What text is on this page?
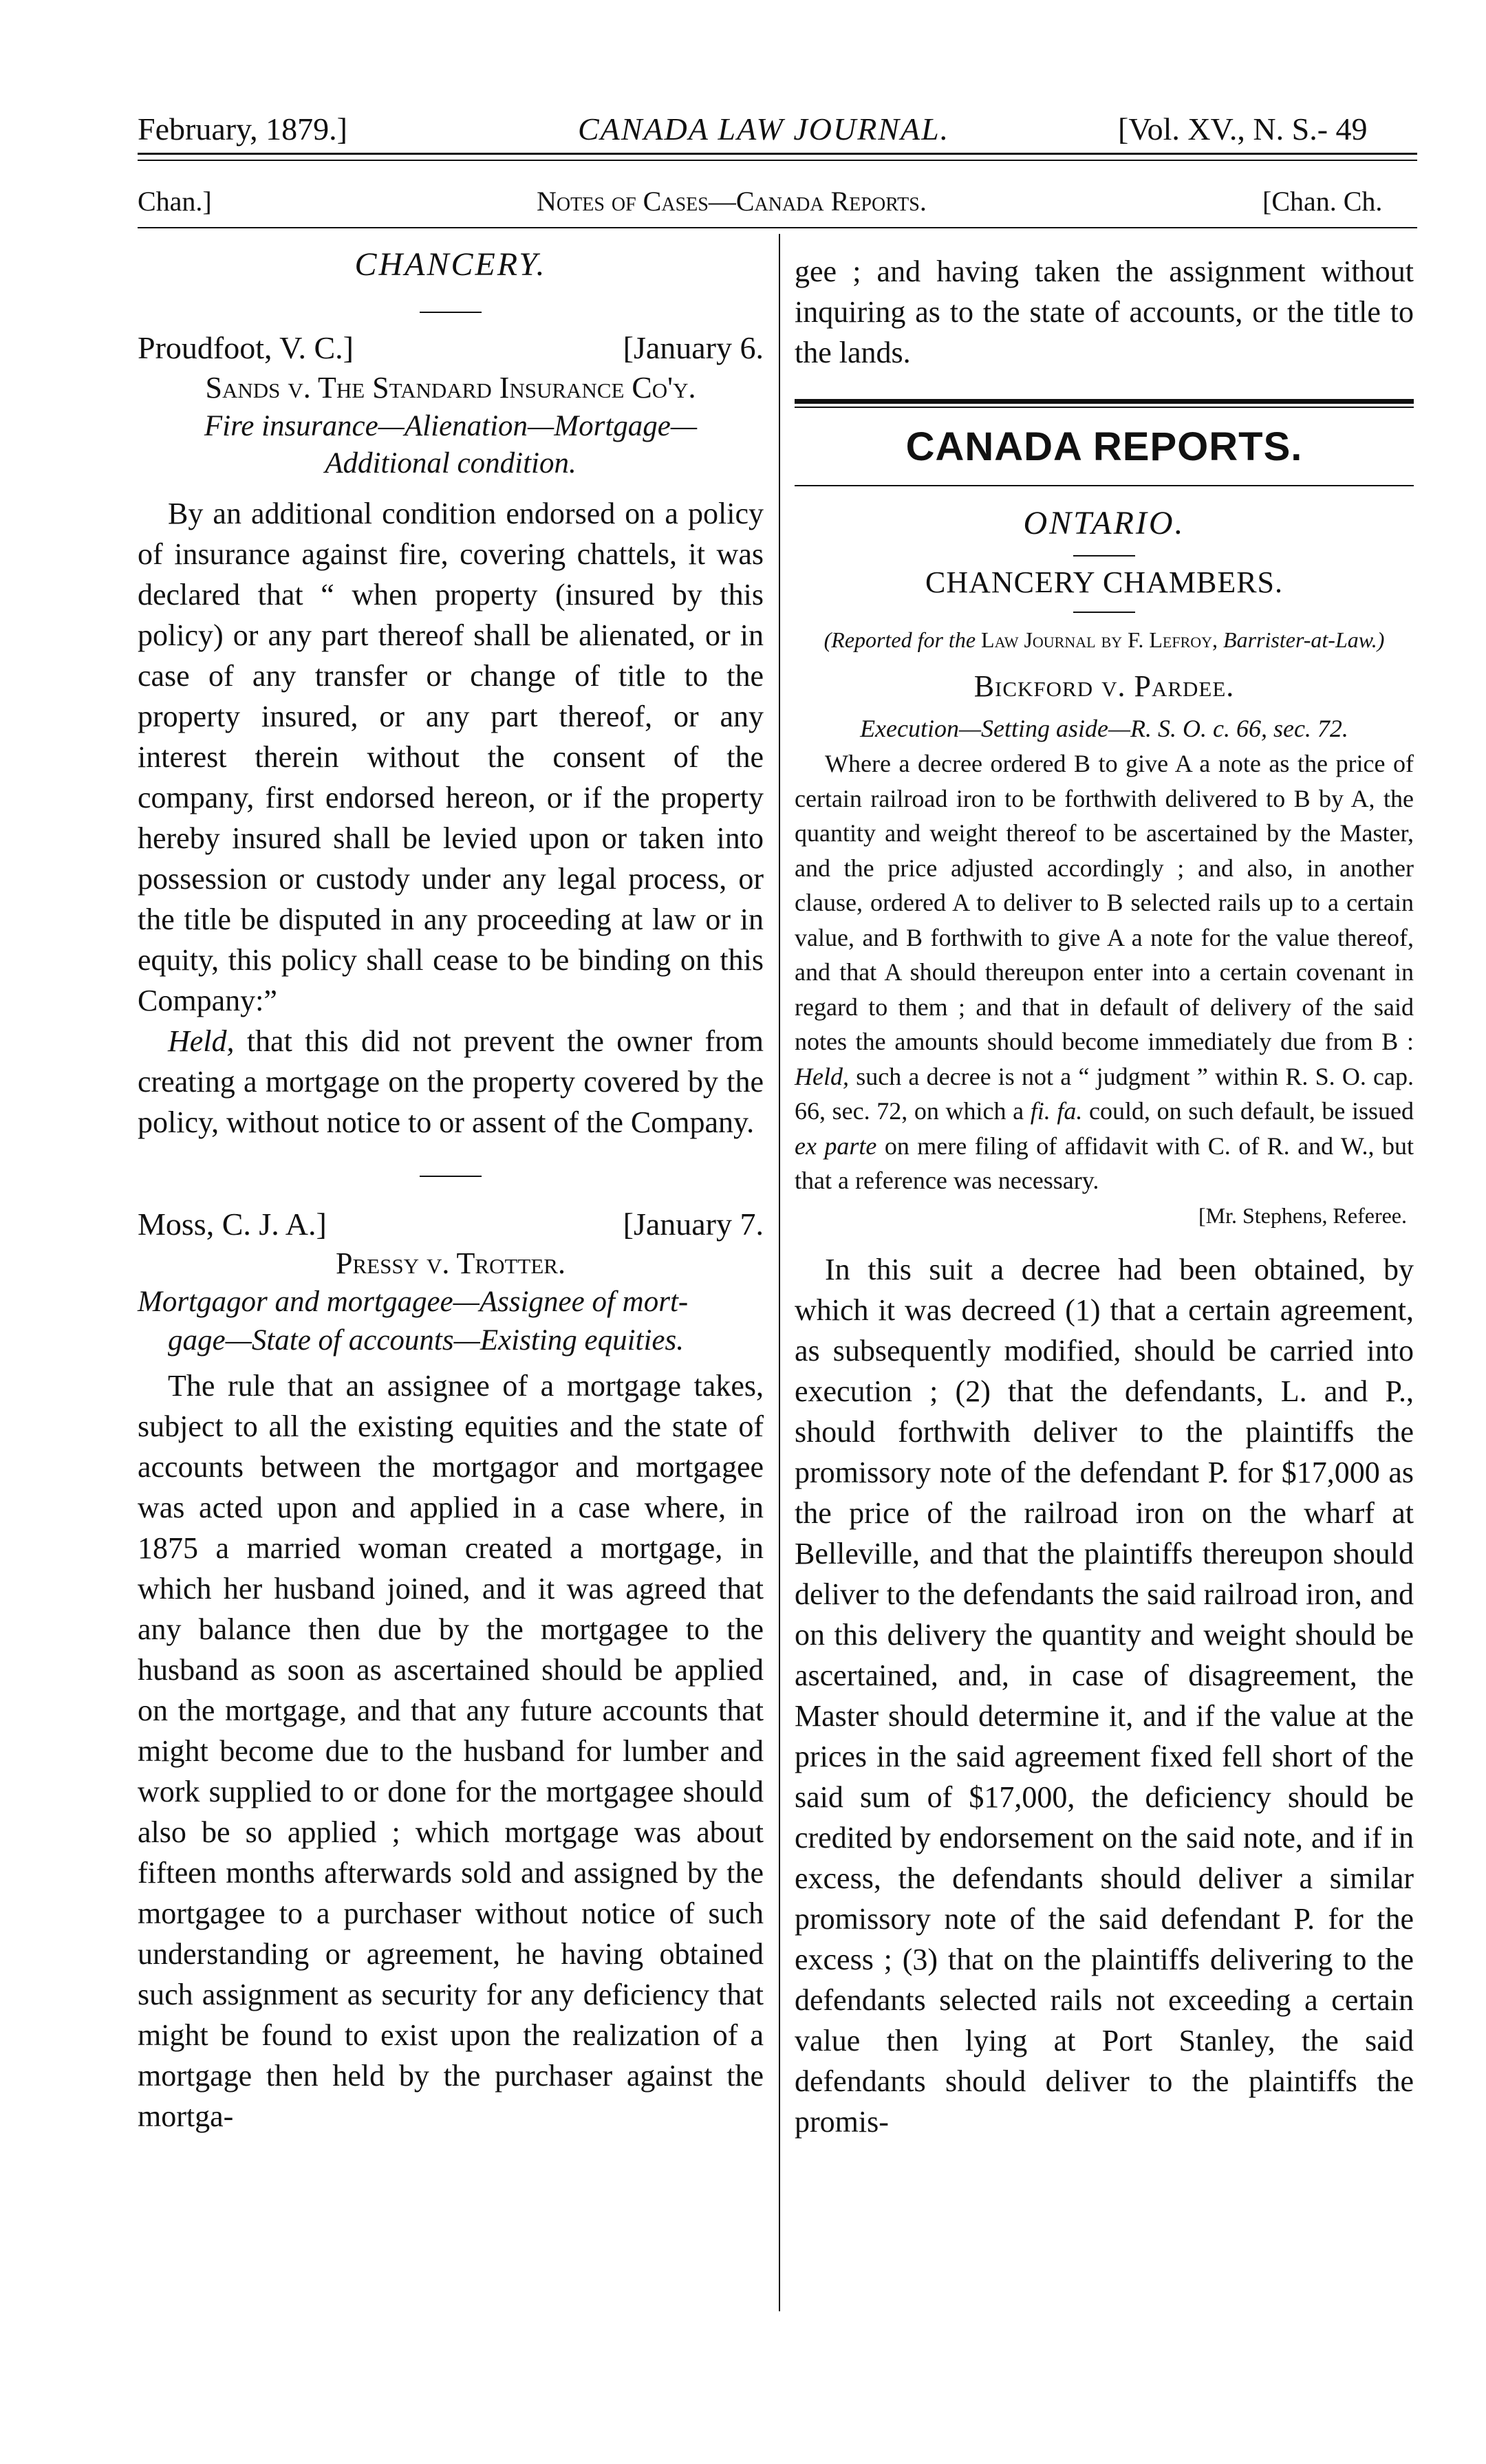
February, 1879.]	CANADA LAW JOURNAL.	[Vol. XV., N. S.- 49
Chan.]	Notes of Cases—Canada Reports.	[Chan. Ch.
CHANCERY.
Proudfoot, V. C.]	[January 6.
Sands v. The Standard Insurance Co'y.
Fire insurance—Alienation—Mortgage—
Additional condition.

By an additional condition endorsed on a policy of insurance against fire, covering chattels, it was declared that “ when property (insured by this policy) or any part thereof shall be alienated, or in case of any transfer or change of title to the property insured, or any part thereof, or any interest therein without the consent of the company, first endorsed hereon, or if the property hereby insured shall be levied upon or taken into possession or custody under any legal process, or the title be disputed in any proceeding at law or in equity, this policy shall cease to be binding on this Company:”

Held, that this did not prevent the owner from creating a mortgage on the property covered by the policy, without notice to or assent of the Company.

Moss, C. J. A.]	[January 7.
Pressy v. Trotter.
Mortgagor and mortgagee—Assignee of mort-
gage—State of accounts—Existing equities.

The rule that an assignee of a mortgage takes, subject to all the existing equities and the state of accounts between the mortgagor and mortgagee was acted upon and applied in a case where, in 1875 a married woman created a mortgage, in which her husband joined, and it was agreed that any balance then due by the mortgagee to the husband as soon as ascertained should be applied on the mortgage, and that any future accounts that might become due to the husband for lumber and work supplied to or done for the mortgagee should also be so applied ; which mortgage was about fifteen months afterwards sold and assigned by the mortgagee to a purchaser without notice of such understanding or agreement, he having obtained such assignment as security for any deficiency that might be found to exist upon the realization of a mortgage then held by the purchaser against the mortga-

gee ; and having taken the assignment without inquiring as to the state of accounts, or the title to the lands.

CANADA REPORTS.
ONTARIO.
CHANCERY CHAMBERS.
(Reported for the Law Journal by F. Lefroy, Barrister-at-Law.)
Bickford v. Pardee.
Execution—Setting aside—R. S. O. c. 66, sec. 72.

Where a decree ordered B to give A a note as the price of certain railroad iron to be forthwith delivered to B by A, the quantity and weight thereof to be ascertained by the Master, and the price adjusted accordingly ; and also, in another clause, ordered A to deliver to B selected rails up to a certain value, and B forthwith to give A a note for the value thereof, and that A should thereupon enter into a certain covenant in regard to them ; and that in default of delivery of the said notes the amounts should become immediately due from B : Held, such a decree is not a “ judgment ” within R. S. O. cap. 66, sec. 72, on which a fi. fa. could, on such default, be issued ex parte on mere filing of affidavit with C. of R. and W., but that a reference was necessary.

[Mr. Stephens, Referee.

In this suit a decree had been obtained, by which it was decreed (1) that a certain agreement, as subsequently modified, should be carried into execution ; (2) that the defendants, L. and P., should forthwith deliver to the plaintiffs the promissory note of the defendant P. for $17,000 as the price of the railroad iron on the wharf at Belleville, and that the plaintiffs thereupon should deliver to the defendants the said railroad iron, and on this delivery the quantity and weight should be ascertained, and, in case of disagreement, the Master should determine it, and if the value at the prices in the said agreement fixed fell short of the said sum of $17,000, the deficiency should be credited by endorsement on the said note, and if in excess, the defendants should deliver a similar promissory note of the said defendant P. for the excess ; (3) that on the plaintiffs delivering to the defendants selected rails not exceeding a certain value then lying at Port Stanley, the said defendants should deliver to the plaintiffs the promis-
